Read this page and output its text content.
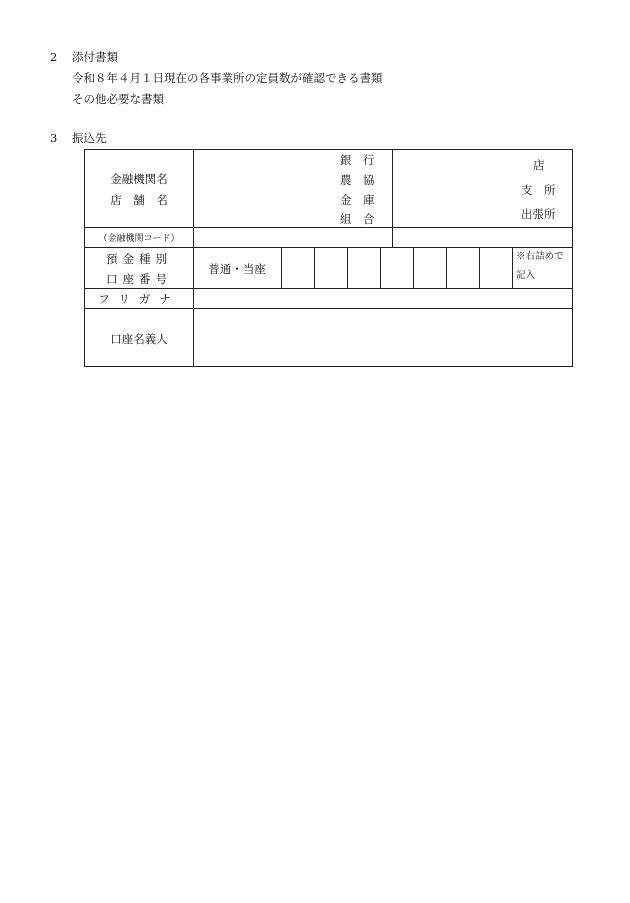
2 添付書類
令和８年４月１日現在の各事業所の定員数が確認できる書類
その他必要な書類
3 振込先
金融機関名
店　舗　名
銀　行
農　協
金　庫
組　合
店
支　所
出張所
（金融機関コード）
預金種別
口座番号
普通・当座
※右詰めで
記入
フリガナ
口座名義人
